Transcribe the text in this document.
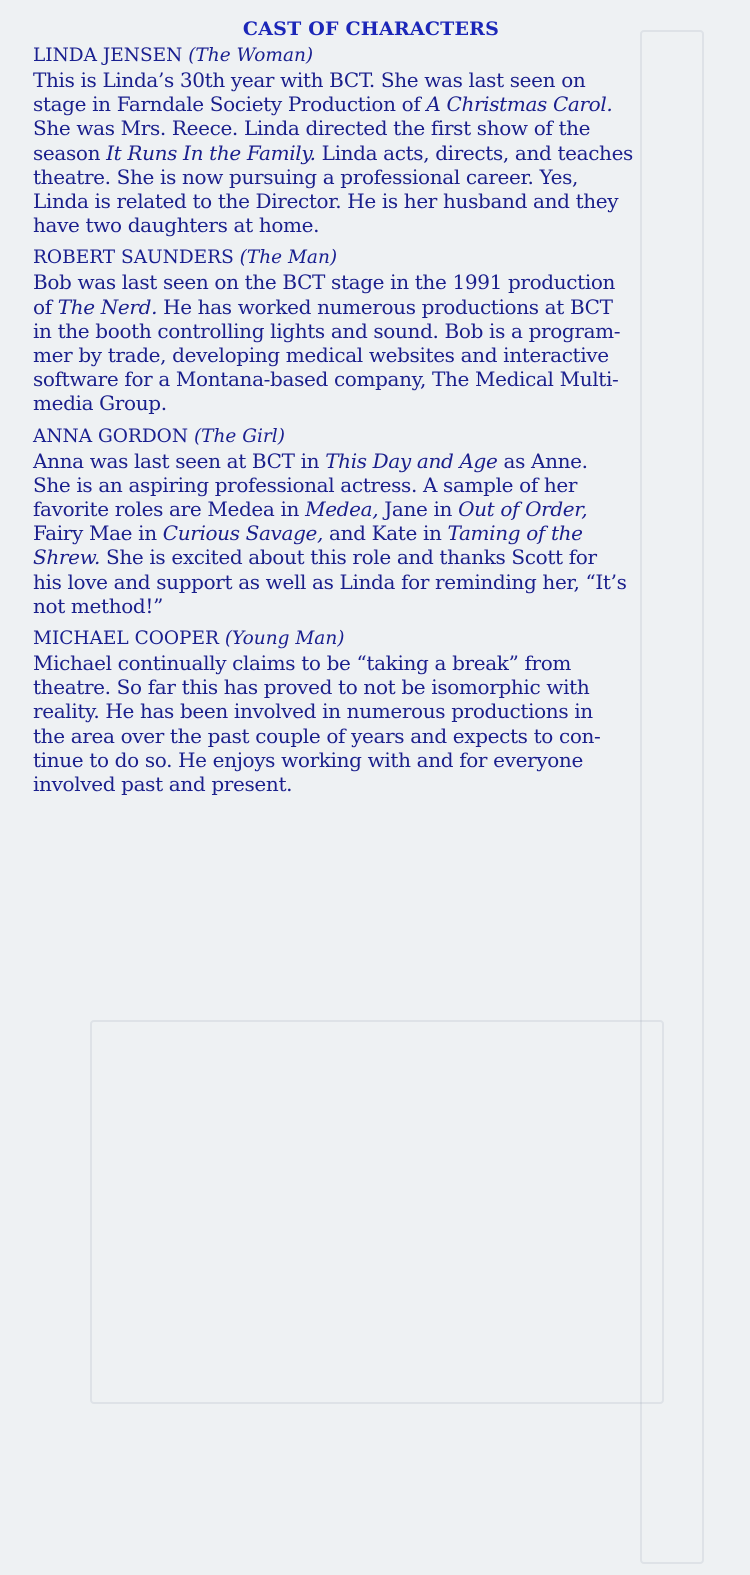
CAST OF CHARACTERS
LINDA JENSEN (The Woman)

This is Linda’s 30th year with BCT. She was last seen on
stage in Farndale Society Production of A Christmas Carol.
She was Mrs. Reece. Linda directed the first show of the
season It Runs In the Family. Linda acts, directs, and teaches
theatre. She is now pursuing a professional career. Yes,
Linda is related to the Director. He is her husband and they
have two daughters at home.

ROBERT SAUNDERS (The Man)

Bob was last seen on the BCT stage in the 1991 production
of The Nerd. He has worked numerous productions at BCT
in the booth controlling lights and sound. Bob is a program-
mer by trade, developing medical websites and interactive
software for a Montana-based company, The Medical Multi-
media Group.

ANNA GORDON (The Girl)

Anna was last seen at BCT in This Day and Age as Anne.
She is an aspiring professional actress. A sample of her
favorite roles are Medea in Medea, Jane in Out of Order,
Fairy Mae in Curious Savage, and Kate in Taming of the
Shrew. She is excited about this role and thanks Scott for
his love and support as well as Linda for reminding her, “It’s
not method!”

MICHAEL COOPER (Young Man)

Michael continually claims to be “taking a break” from
theatre. So far this has proved to not be isomorphic with
reality. He has been involved in numerous productions in
the area over the past couple of years and expects to con-
tinue to do so. He enjoys working with and for everyone
involved past and present.
